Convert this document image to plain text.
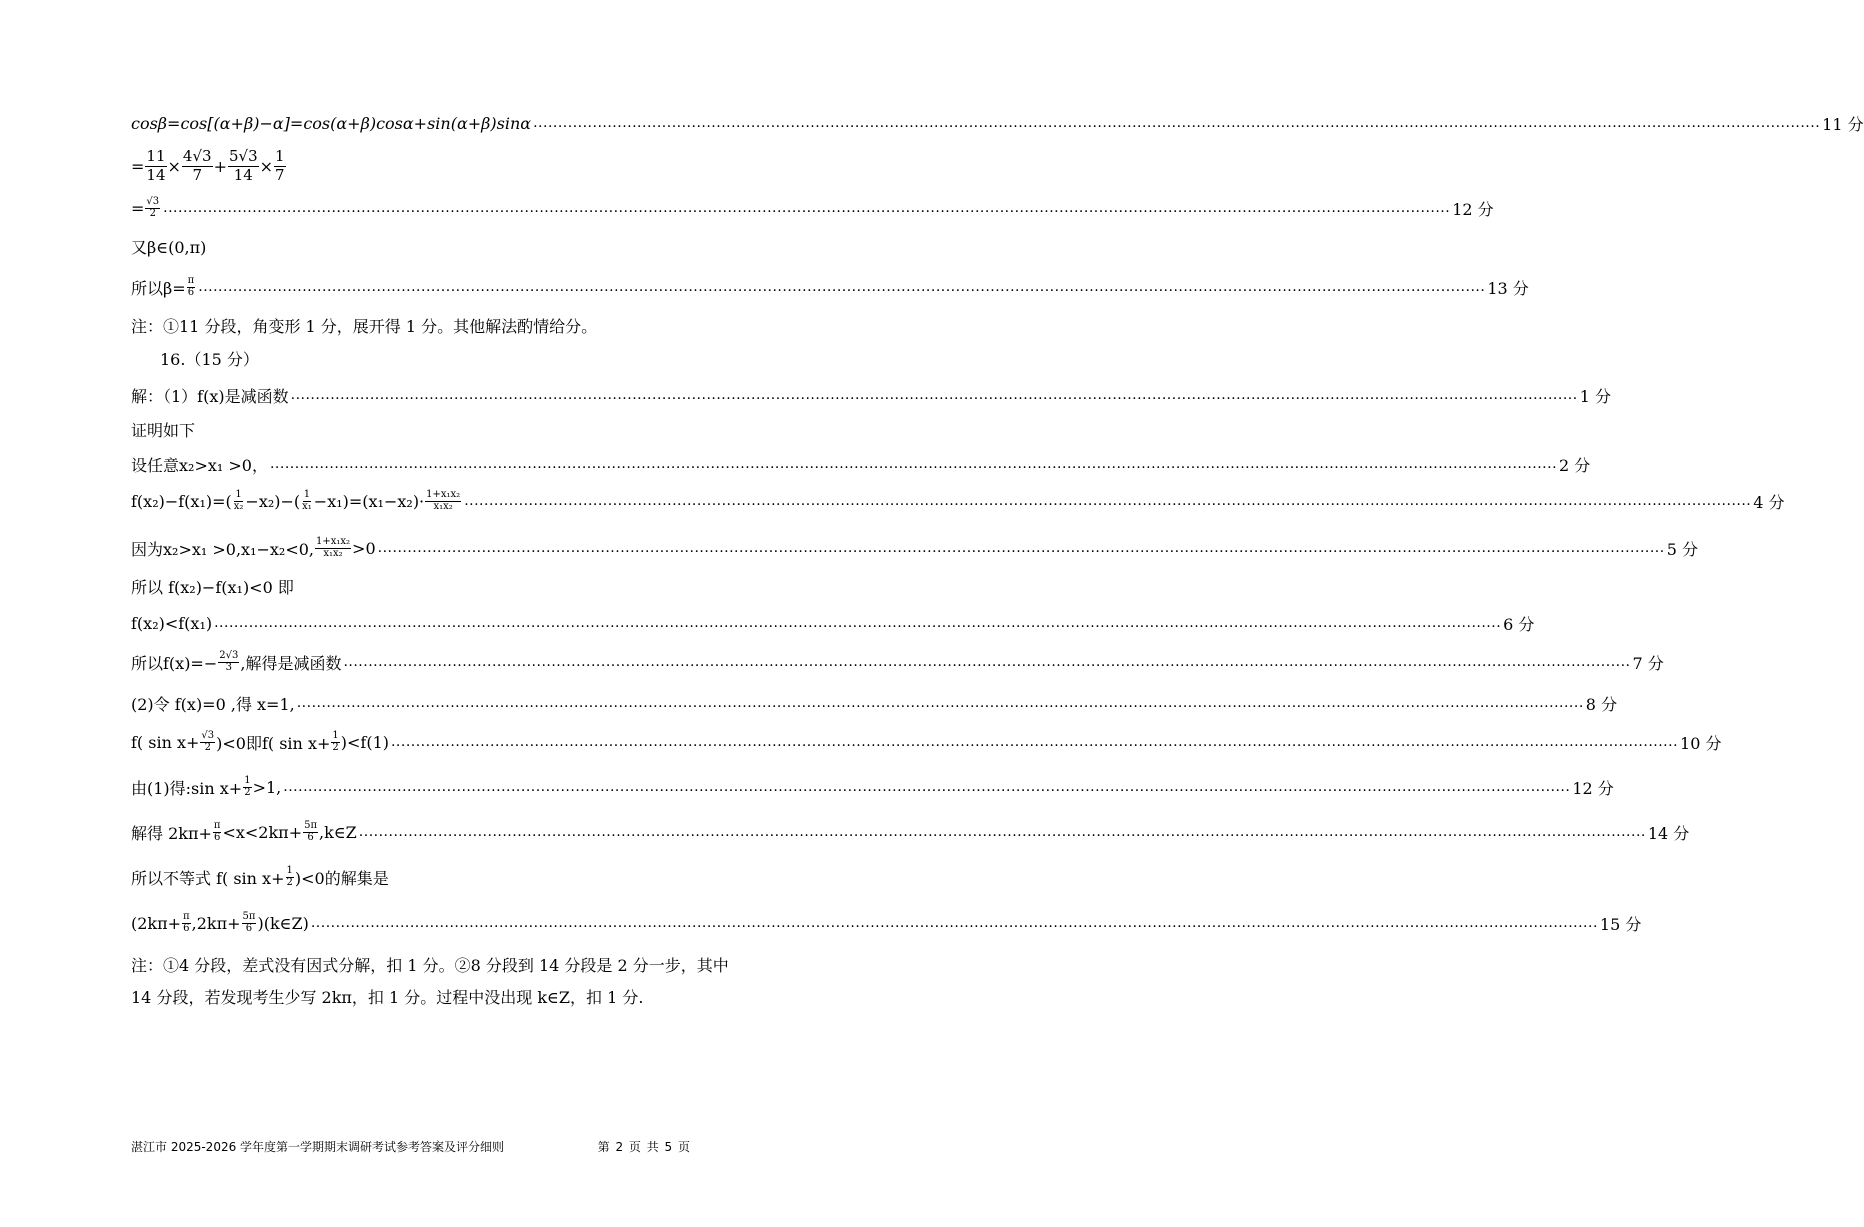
cosβ=cos[(α+β)−α]=cos(α+β)cosα+sin(α+β)sinα .................................................................................................................................................................................................................................................................... 11 分
= $\frac{11}{14} \times \frac{4√3}{7} + \frac{5√3}{14} \times \frac{1}{7}$
= $\frac{√3}{2}$ .................................................................................................................................................................................................................................................................... 12 分
又β∈(0,π)
所以$\beta= \frac{\pi}{6}$ .................................................................................................................................................................................................................................................................... 13 分
注：①11 分段，角变形 1 分，展开得 1 分。其他解法酌情给分。
16.（15 分）
解：（1）f(x)是减函数 .................................................................................................................................................................................................................................................................... 1 分
证明如下
设任意x₂>x₁ >0， .................................................................................................................................................................................................................................................................... 2 分
$f(x_2)-f(x_1)=( \frac{1}{\text{x₂}} -x_2)-( \frac{1}{\text{x₁}} -x_1)=(x_1-x_2)\cdot \frac{\text{1+x₁x₂}}{\text{x₁x₂}}$ .................................................................................................................................................................................................................................................................... 4 分
因为x₂>x₁ >0,x₁−x₂<0, $\frac{\text{1+x₁x₂}}{\text{x₁x₂}} >0$ .................................................................................................................................................................................................................................................................... 5 分
所以 f(x₂)−f(x₁)<0 即
f(x₂)<f(x₁) .................................................................................................................................................................................................................................................................... 6 分
所以$f(x)=- \frac{2√3}{3}$ ,解得是减函数 .................................................................................................................................................................................................................................................................... 7 分
(2)令 f(x)=0 ,得 x=1, .................................................................................................................................................................................................................................................................... 8 分
f( $\sin x+ \frac{√3}{2} )<0$即f( $\sin x+ \frac{1}{2} )<f(1)$ .................................................................................................................................................................................................................................................................... 10 分
由(1)得:sin $x+ \frac{1}{2} >1$, .................................................................................................................................................................................................................................................................... 12 分
解得 $2k\pi+ \frac{\pi}{6} <x<2k\pi+ \frac{5\pi}{6}$ ,k∈Z .................................................................................................................................................................................................................................................................... 14 分
所以不等式 f( $\sin x+ \frac{1}{2} )<0$的解集是
($2k\pi+ \frac{\pi}{6} ,2k\pi+ \frac{5\pi}{6}$ )(k∈Z) .................................................................................................................................................................................................................................................................... 15 分
注：①4 分段，差式没有因式分解，扣 1 分。②8 分段到 14 分段是 2 分一步，其中 14 分段，若发现考生少写 2kπ，扣 1 分。过程中没出现 k∈Z，扣 1 分.
湛江市 2025-2026 学年度第一学期期末调研考试参考答案及评分细则	第 2 页 共 5 页
